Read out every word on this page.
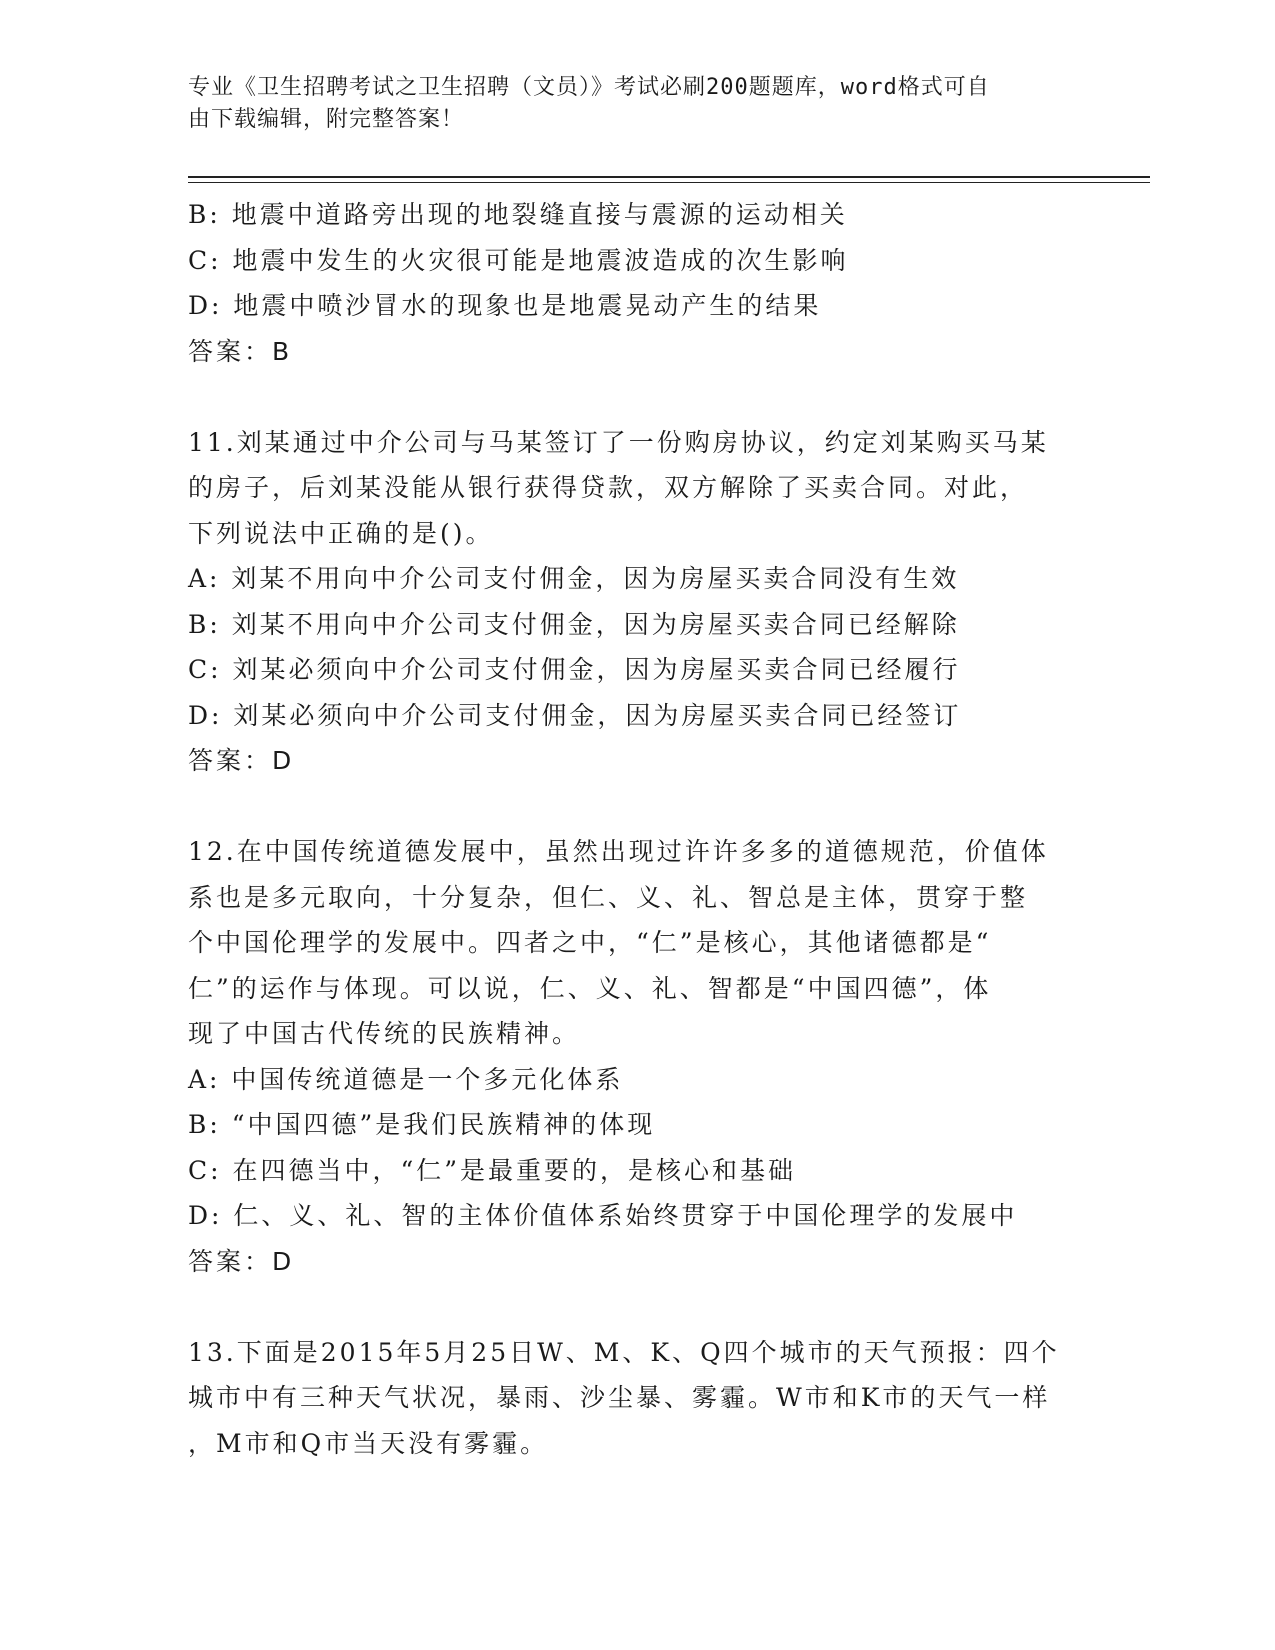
专业《卫生招聘考试之卫生招聘（文员）》考试必刷200题题库，word格式可自
由下载编辑，附完整答案！
B: 地震中道路旁出现的地裂缝直接与震源的运动相关
C: 地震中发生的火灾很可能是地震波造成的次生影响
D: 地震中喷沙冒水的现象也是地震晃动产生的结果
答案：B
11.刘某通过中介公司与马某签订了一份购房协议，约定刘某购买马某
的房子，后刘某没能从银行获得贷款，双方解除了买卖合同。对此，
下列说法中正确的是()。
A: 刘某不用向中介公司支付佣金，因为房屋买卖合同没有生效
B: 刘某不用向中介公司支付佣金，因为房屋买卖合同已经解除
C: 刘某必须向中介公司支付佣金，因为房屋买卖合同已经履行
D: 刘某必须向中介公司支付佣金，因为房屋买卖合同已经签订
答案：D
12.在中国传统道德发展中，虽然出现过许许多多的道德规范，价值体
系也是多元取向，十分复杂，但仁、义、礼、智总是主体，贯穿于整
个中国伦理学的发展中。四者之中，“仁”是核心，其他诸德都是“
仁”的运作与体现。可以说，仁、义、礼、智都是“中国四德”，体
现了中国古代传统的民族精神。
A: 中国传统道德是一个多元化体系
B: “中国四德”是我们民族精神的体现
C: 在四德当中，“仁”是最重要的，是核心和基础
D: 仁、义、礼、智的主体价值体系始终贯穿于中国伦理学的发展中
答案：D
13.下面是2015年5月25日W、M、K、Q四个城市的天气预报：四个
城市中有三种天气状况，暴雨、沙尘暴、雾霾。W市和K市的天气一样
，M市和Q市当天没有雾霾。
